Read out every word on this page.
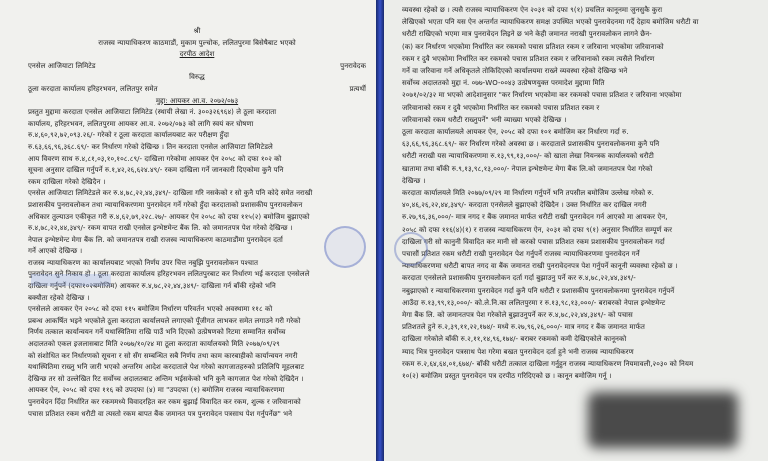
श्री
राजस्व न्यायाधिकरण काठमाडौं, मुकाम पुल्चोक, ललितपुरमा बिसेषैबाट भएको
दरपीठ आदेश
एनसेल आजियाटा लिमिटेड	पुनरावेदक
विरुद्ध
ठूला करदाता कार्यालय हरिहरभवन, ललितपुर समेत	प्रत्यर्थी
मुद्दा: आयकर आ.व. २०७२/०७३
प्रस्तुत मुद्दामा करदाता एनसेल आजियाटा लिमिटेड (स्थायी लेखा नं. ३००३२६९६४) ले ठूला करदाता
कार्यालय, हरिहरभवन, ललितपुरमा आयकर आ.व. २०७२/०७३ को लागि स्वयं कर घोषणा
रु.४,६०,९२,७२,०९३.२६/- गरेको र ठूला करदाता कार्यालयबाट कर परीक्षण हुँदा
रु.६३,६६,९६,३६८.६९/- कर निर्धारण गरेको देखिन्छ । तिन करदाता एनसेल आजियाटा लिमिटेडले
आय विवरण साथ रु.४,८१,०३,१०,१०८.८९/- दाखिला गरेकोमा आयकर ऐन २०५८ को दफा १०२ को
सूचना अनुसार दाखिल गर्नुपर्ने रु.१,४२,२६,६२४.४९/- रकम दाखिला गर्ने जानकारी दिएकोमा कुनै पनि
रकम दाखिला गरेको देखिदैन ।
एनसेल आजियाटा लिमिटेडले कर रु.४,७८,२२,४४,३४९/- दाखिला गरि नसकेको र सो कुनै पनि कोदे समेत नराखी
प्रशासकीय पुनरावलोकन तथा न्यायाधिकरणमा पुनरावेदन गर्ने गरेको हुँदा करदाताको प्रशासकीय पुनरावलोकन
अधिकार तुल्याउन एकीकृत गरी रु.४,६२,७९,२२८.२७/- आयकर ऐन २०५८ को दफा ११५(२) बमोजिम बुझाएको
रु.४,७८,२२,४४,३४९/- रकम वापत राखी एनसेल इन्भेष्टमेन्ट बैंक लि. को जमानतपत्र पेश गरेको देखिन्छ ।
नेपाल इन्भेष्टमेन्ट मेगा बैंक लि. को जमानतपत्र राखी राजस्व न्यायाधिकरण काठमाडौंमा पुनरावेदन दर्ता
गर्ने आएको देखिन्छ ।
राजस्व न्यायाधिकरण का कार्यालयबाट भएको निर्णय उपर चित्त नबुझि पुनरावलोकन पश्चात
पुनरावेदन सुने निकाय हो । ठूला करदाता कार्यालय हरिहरभवन ललितपुरबाट कर निर्धारण भई करदाता एनसेलले
दाखिला गर्नुपर्ने (दफा१०२बमोजिम) आयकर रु.४,७८,२२,४४,३४९/- दाखिला गर्न बाँकी रहेको भनि
बक्यौता रहेको देखिन्छ ।
एनसेलले आयकर ऐन २०५८ को दफा ११५ बमोजिम निर्धारण परिवर्तन भएको अवस्थामा ११८ को
प्रबन्ध आकर्षित भइने भएकोले ठूला करदाता कार्यालयले लगाएको पूँजीगत लाभकर समेत लगाउने गरी गरेको
निर्णय तत्काल कार्यान्वयन गर्ने यथास्थितिमा राखि पाउँ भनि दिएको उत्प्रेषणको रिटमा सम्मानित सर्वोच्च
अदालतको एकल इजलासबाट मिति २०७७/१०/२४ मा ठूला करदाता कार्यालयको मिति २०७७/०९/२९
को संशोधित कर निर्धारणको सूचना र सो सँग सम्बन्धित सबै निर्णय तथा काम कारबाहीको कार्यान्वयन नगरी
यथास्थितिमा राख्नु भनि जारी भएको अन्तरिम आदेश करदाताले पेश गरेको कागजातहरुको प्रतिलिपि मूहलबाट
देखिन्छ तर सो उल्लेखित रिट सर्वोच्च अदालतबाट अन्तिम भईसकेको भनि कुनै कागजात पेश गरेको देखिदैन ।
आयकर ऐन, २०५८ को दफा ११६ को उपदफा (४) मा "उपदफा (१) बमोजिम राजस्व न्यायाधिकरणमा
पुनरावेदन दिँदा निर्धारित कर रकममध्ये विवादरहित कर रकम बुझाई विवादित कर रकम, शुल्क र जरिवानाको
पचास प्रतिशत रकम धरौटी वा त्यस्तो रकम बापत बैंक जमानत पत्र पुनरावेदन पत्रसाथ पेश गर्नुपर्नेछ" भने
व्यवस्था रहेको छ । त्यसै राजस्व न्यायाधिकरण ऐन २०३१ को दफा ९(१) प्रचलित कानूनमा जुनसुकै कुरा
लेखिएको भएता पनि यस ऐन अन्तर्गत न्यायाधिकरण समक्ष उपस्थित भएको पुनरावेदनमा गर्दै देहाय बमोजिम धरौटी वा
धरौटी राखिएको भएमा मात्र पुनरावेदन लिइने छ भने केही जमानत नराखी पुनरावलोकन लागने छैन-
(क) कर निर्धारण भएकोमा निर्धारित कर रकमको पचास प्रतिशत रकम र जरिवाना भएकोमा जरिवानाको
रकम र दुवै भएकोमा निर्धारित कर रकमको पचास प्रतिशत रकम र जरिवानाको रकम त्यसैले निर्धारण
गर्ने वा जरिवाना गर्ने अधिकृतले तोकिदिएको कार्यालयमा राख्ने व्यवस्था रहेको देखिन्छ भने
सर्वोच्च अदालतको मुद्दा नं. ०७७-WO-००४३ उत्प्रेषणयुक्त परमादेश मुद्दामा मिति
२०७१/०२/३२ मा भएको आदेशानुसार "कर निर्धारण भएकोमा कर रकमको पचास प्रतिशत र जरिवाना भएकोमा
जरिवानाको रकम र दुवै भएकोमा निर्धारित कर रकमको पचास प्रतिशत रकम र
जरिवानाको रकम धरौटी राख्नुपर्ने" भनी व्याख्या भएको देखिन्छ ।
ठूला करदाता कार्यालयले आयकर ऐन, २०५८ को दफा १०१ बमोजिम कर निर्धारण गर्दा रु.
६३,६६,९६,३६८.६९/- कर निर्धारण गरेको अवस्था छ । करदाताले प्रशासकीय पुनरावलोकनमा कुनै पनि
धरौटी नराखी यस न्यायाधिकरणमा रु.१३,९९,१३,०००/- को खाता लेखा नियन्त्रक कार्यालयको धरौटी
खातामा तथा बाँकी रु.९,१३,९८,१३,०००/- नेपाल इन्भेष्टमेन्ट मेगा बैंक लि.को जमानतपत्र पेश गरेको
देखिन्छ ।
करदाता कार्यालयले मिति २०७७/०९/२९ मा निर्धारण गर्नुपर्ने भनि तपसील बमोजिम उल्लेख गरेको रु.
४०,४६,२६,२२,४४,३४९/- करदाता एनसेलले बुझाएको देखिदैन । उक्त निर्धारित कर दाखिल नगरी
रु.२७,९६,३६,०००/- मात्र नगद र बैंक जमानत मार्फत धरौटी राखी पुनरावेदन गर्न आएको मा आयकर ऐन,
२०५८ को दफा ११६(४)(१) र राजस्व न्यायाधिकरण ऐन, २०३१ को दफा ९(१) अनुसार निर्धारित सम्पूर्ण कर
दाखिला गरी सो कानुनी विवादित कर मानी सो करको पचास प्रतिशत रकम प्रशासकीय पुनरावलोकन गर्दा
पचासौं प्रतिशत रकम धरौटी राखी पुनरावेदन पेश गर्नुपर्ने राजस्व न्यायाधिकरणमा पुनरावेदन गर्ने
न्यायाधिकरणमा धरौटी बापत नगद वा बैंक जमानत राखी पुनरावेदनपत्र पेश गर्नुपर्ने कानूनी व्यवस्था रहेको छ ।
करदाता एनसेलले प्रशासकीय पुनरावलोकन दर्ता गर्दा बुझाउनु पर्ने कर रु.४,७८,२२,४४,३४९/-
नबुझाएको र न्यायाधिकरणमा पुनरावेदन गर्दा कुनै पनि धरौटी र प्रशासकीय पुनरावलोकनमा पुनरावेदन गर्नुपर्ने
आउँदा रु.१३,९९,१३,०००/- को.ले.नि.का ललितपुरमा र रु.१३,९८,१३,०००/- बराबरको नेपाल इन्भेष्टमेन्ट
मेगा बैंक लि. को जमानतपत्र पेश गरेकोले बुझाउनुपर्ने कर रु.४,७८,२२,४४,३४९/- को पचास
प्रतिशतले हुने रु.२,३९,११,२२,१७४/- मध्ये रु.२७,९६,२६,०००/- मात्र नगद र बैंक जमानत मार्फत
दाखिला गरेकोले बाँकी रु.२,११,१४,९६,१७४/- बराबर रकमको कमी देखिएकोले कानूनको
म्याद भित्र पुनरावेदन पत्रसाथ पेश गरेमा बखत पुनरावेदन दर्ता हुने भनी राजस्व न्यायाधिकरण
रकम रु.२,६४,६४,०१,६७४/- बाँकी धरौटी तत्काल दाखिला गर्नुहुन राजस्व न्यायाधिकरण नियमावली,२०३० को नियम
१०(२) बमोजिम प्रस्तुत पुनरावेदन पत्र दरपीठ गरिदिएको छ । कानून बमोजिम गर्नू ।
